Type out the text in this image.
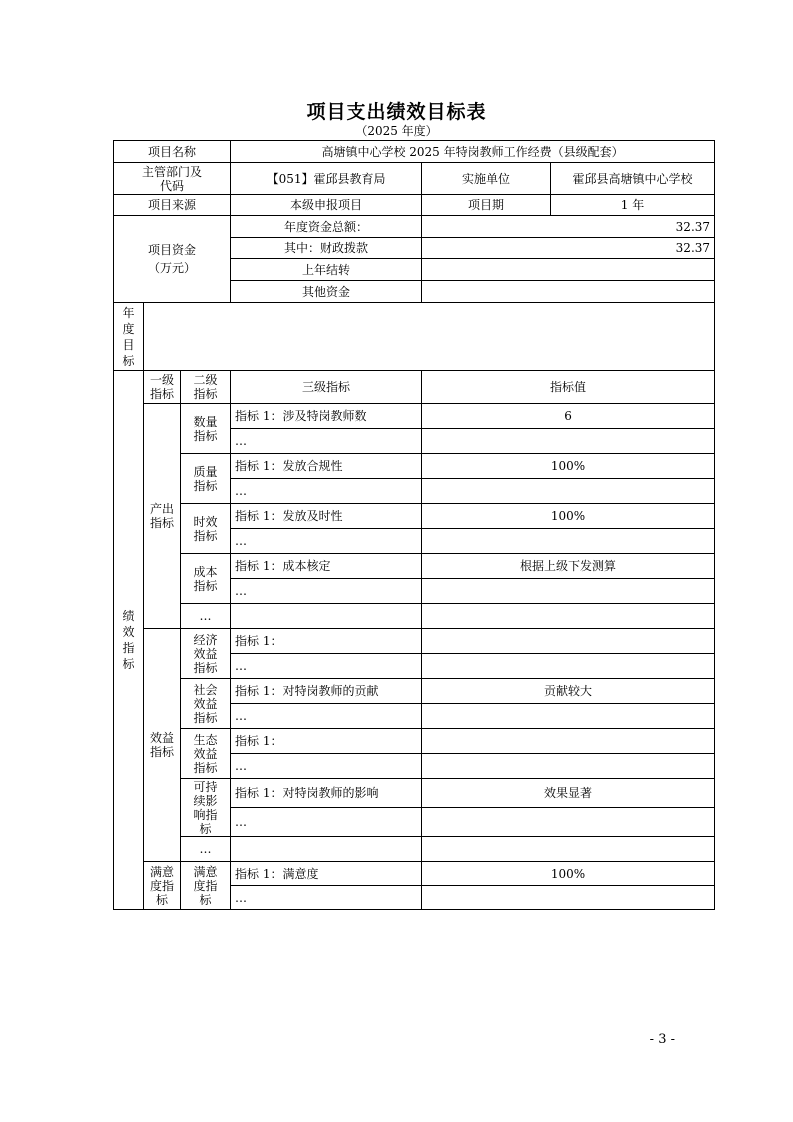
项目支出绩效目标表
（2025 年度）
项目名称			高塘镇中心学校 2025 年特岗教师工作经费（县级配套）		

主管部门及代码			【051】霍邱县教育局	实施单位	霍邱县高塘镇中心学校
项目来源			本级申报项目	项目期	1 年

项目资金（万元）			年度资金总额：	32.37	
			其中：财政拨款	32.37	
			上年结转		
			其他资金		

年度目标					

绩效指标	一级指标	二级指标	三级指标	指标值	

	产出指标	数量指标	指标 1：涉及特岗教师数	6	
			…		

		质量指标	指标 1：发放合规性	100%	
			…		

		时效指标	指标 1：发放及时性	100%	
			…		

		成本指标	指标 1：成本核定	根据上级下发测算	
			…		
		…			

	效益指标	经济效益指标	指标 1：		
			…		

		社会效益指标	指标 1：对特岗教师的贡献	贡献较大	
			…		

		生态效益指标	指标 1：		
			…		

		可持续影响指标	指标 1：对特岗教师的影响	效果显著	
			…		
		…			

	满意度指标	满意度指标	指标 1：满意度	100%	
			…		
- 3 -
